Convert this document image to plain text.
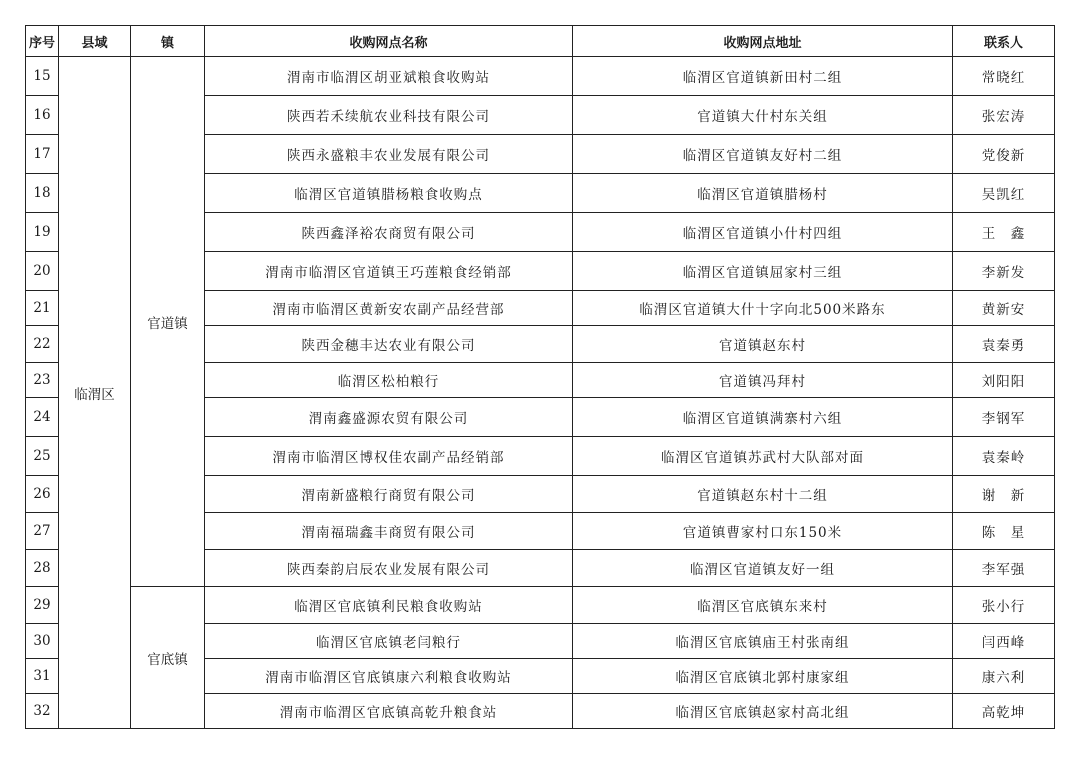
序号	县域	镇	收购网点名称	收购网点地址	联系人
15	临渭区	官道镇	渭南市临渭区胡亚斌粮食收购站	临渭区官道镇新田村二组	常晓红
16			陕西若禾续航农业科技有限公司	官道镇大什村东关组	张宏涛
17			陕西永盛粮丰农业发展有限公司	临渭区官道镇友好村二组	党俊新
18			临渭区官道镇腊杨粮食收购点	临渭区官道镇腊杨村	吴凯红
19			陕西鑫泽裕农商贸有限公司	临渭区官道镇小什村四组	王　鑫
20			渭南市临渭区官道镇王巧莲粮食经销部	临渭区官道镇屈家村三组	李新发
21			渭南市临渭区黄新安农副产品经营部	临渭区官道镇大什十字向北500米路东	黄新安
22			陕西金穗丰达农业有限公司	官道镇赵东村	袁秦勇
23			临渭区松柏粮行	官道镇冯拜村	刘阳阳
24			渭南鑫盛源农贸有限公司	临渭区官道镇满寨村六组	李钢军
25			渭南市临渭区博权佳农副产品经销部	临渭区官道镇苏武村大队部对面	袁秦岭
26			渭南新盛粮行商贸有限公司	官道镇赵东村十二组	谢　新
27			渭南福瑞鑫丰商贸有限公司	官道镇曹家村口东150米	陈　星
28			陕西秦韵启辰农业发展有限公司	临渭区官道镇友好一组	李军强
29		官底镇	临渭区官底镇利民粮食收购站	临渭区官底镇东来村	张小行
30			临渭区官底镇老闫粮行	临渭区官底镇庙王村张南组	闫西峰
31			渭南市临渭区官底镇康六利粮食收购站	临渭区官底镇北郭村康家组	康六利
32			渭南市临渭区官底镇高乾升粮食站	临渭区官底镇赵家村高北组	高乾坤
